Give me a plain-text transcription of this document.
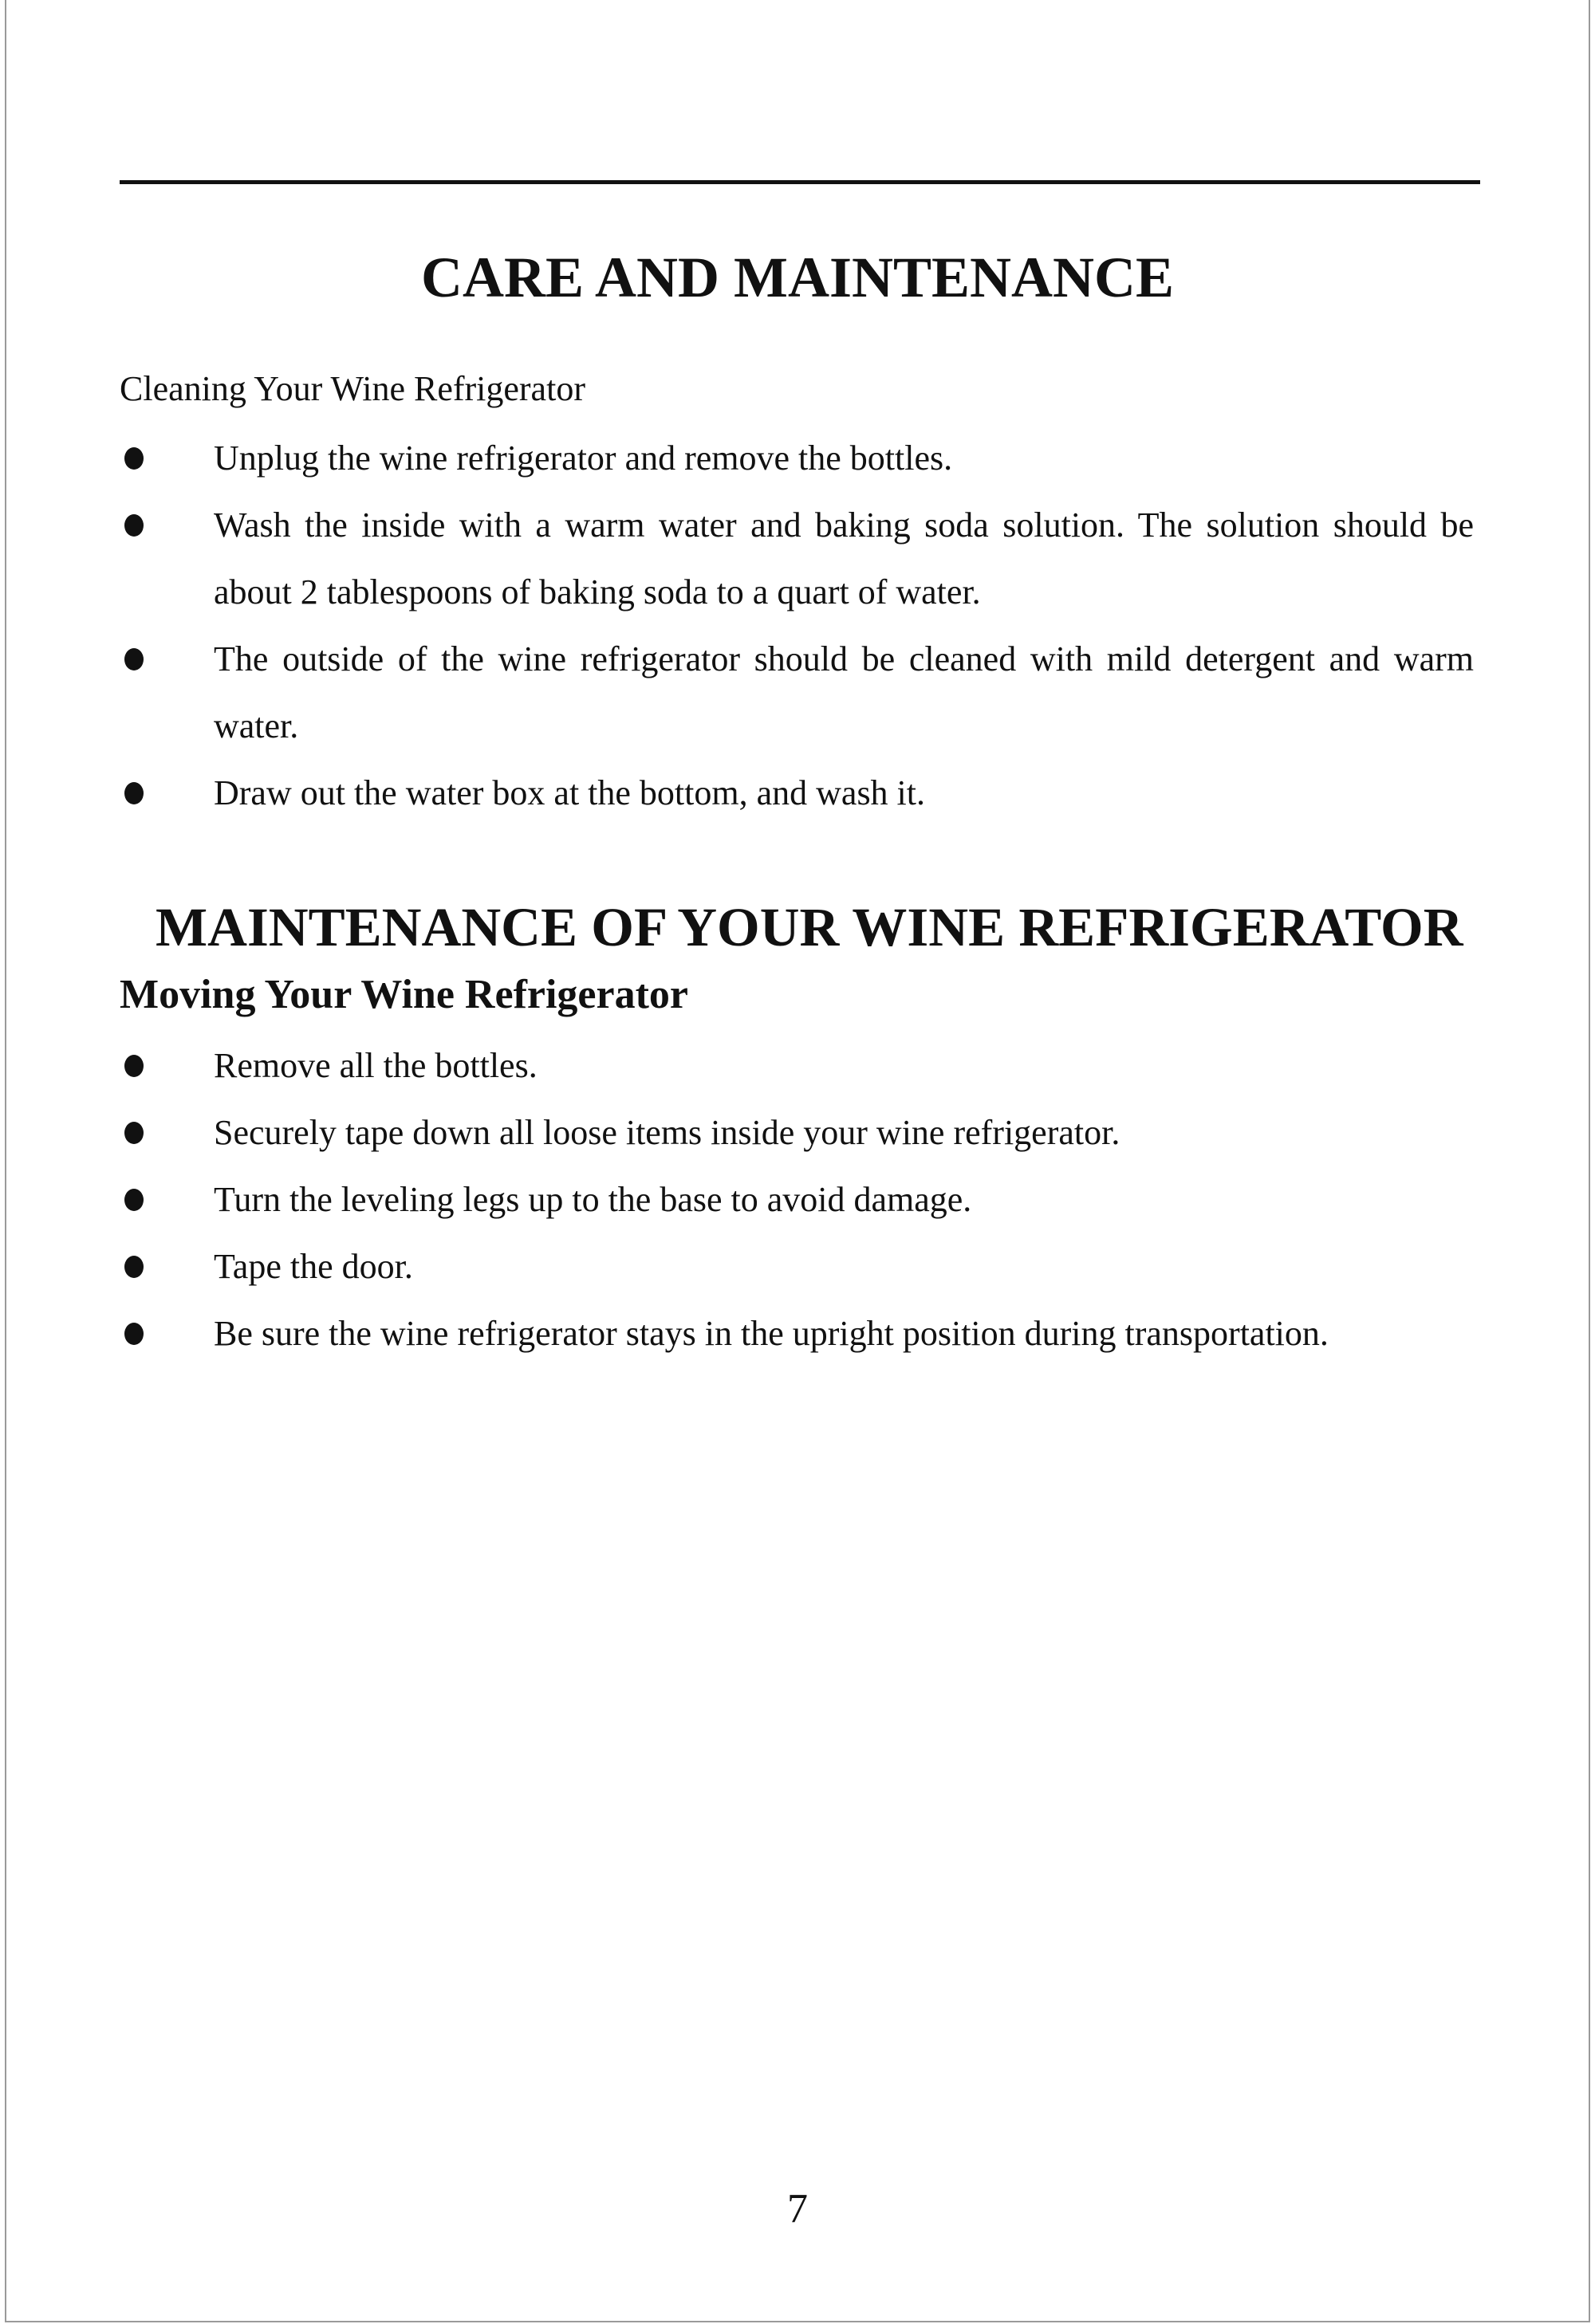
CARE AND MAINTENANCE

Cleaning Your Wine Refrigerator

Unplug the wine refrigerator and remove the bottles.
Wash the inside with a warm water and baking soda solution. The solution should be about 2 tablespoons of baking soda to a quart of water.
The outside of the wine refrigerator should be cleaned with mild detergent and warm water.
Draw out the water box at the bottom, and wash it.
MAINTENANCE OF YOUR WINE REFRIGERATOR
Moving Your Wine Refrigerator
Remove all the bottles.
Securely tape down all loose items inside your wine refrigerator.
Turn the leveling legs up to the base to avoid damage.
Tape the door.
Be sure the wine refrigerator stays in the upright position during transportation.
7
